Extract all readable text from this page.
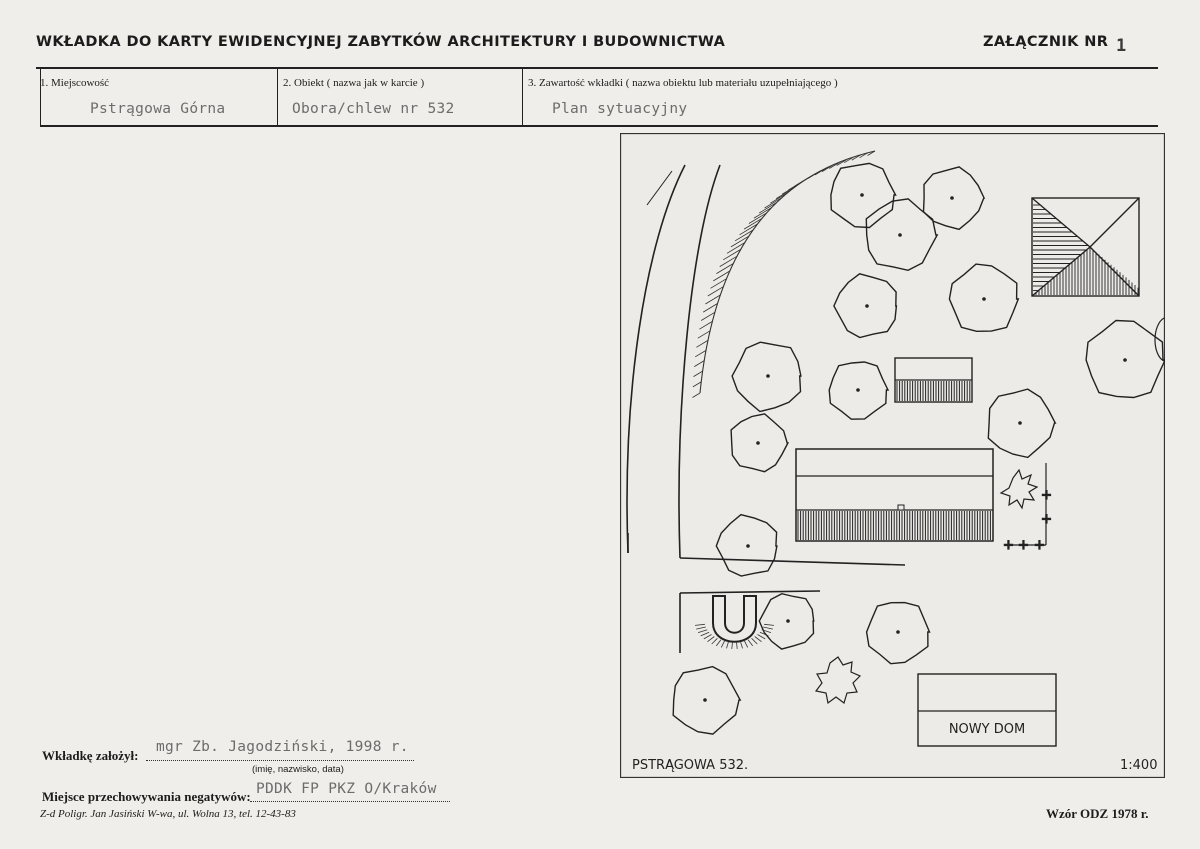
WKŁADKA DO KARTY EWIDENCYJNEJ ZABYTKÓW ARCHITEKTURY I BUDOWNICTWA	ZAŁĄCZNIK NR 1
1. Miejscowość
Pstrągowa Górna
2. Obiekt ( nazwa jak w karcie )
Obora/chlew nr 532
3. Zawartość wkładki ( nazwa obiektu lub materiału uzupełniającego )
Plan sytuacyjny
NOWY DOM
+ + +
+
+
PSTRĄGOWA 532.	1:400
Wkładkę założył:
mgr Zb. Jagodziński, 1998 r.
(imię, nazwisko, data)
Miejsce przechowywania negatywów: PDDK FP PKZ O/Kraków
Z-d Poligr. Jan Jasiński W-wa, ul. Wolna 13, tel. 12-43-83	Wzór ODZ 1978 r.
